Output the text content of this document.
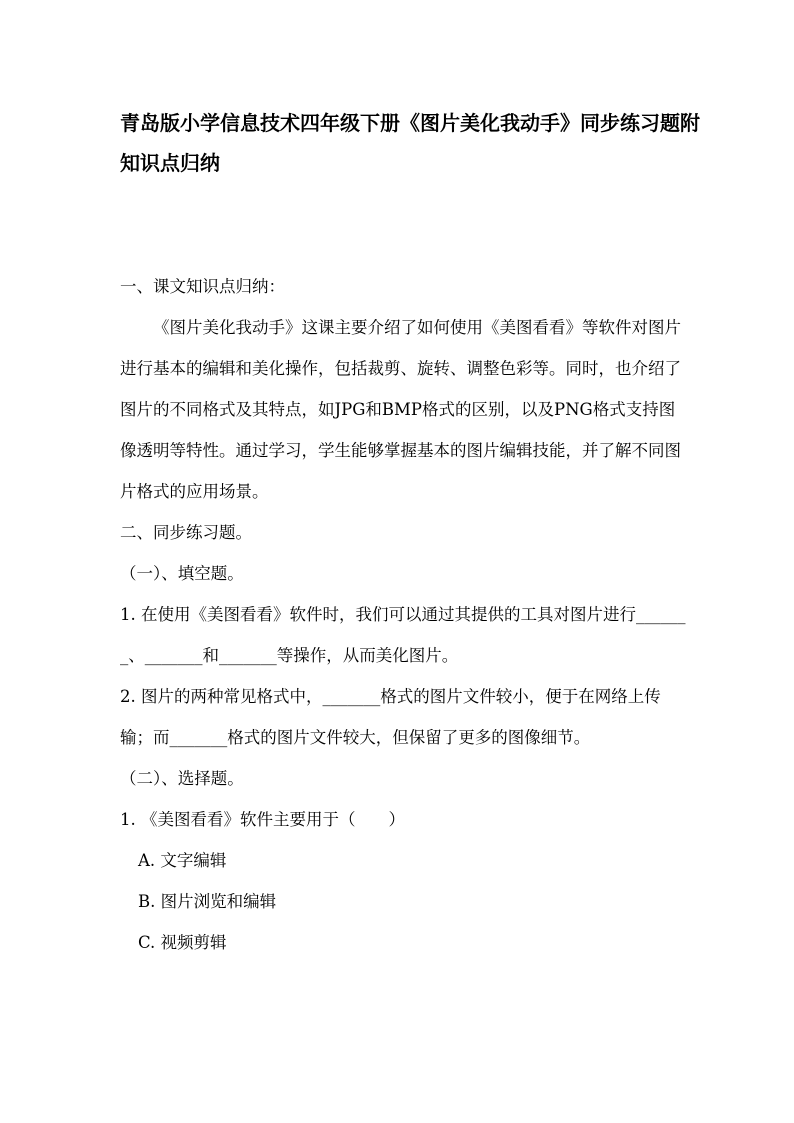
青岛版小学信息技术四年级下册《图片美化我动手》同步练习题附知识点归纳

一、课文知识点归纳：

《图片美化我动手》这课主要介绍了如何使用《美图看看》等软件对图片进行基本的编辑和美化操作，包括裁剪、旋转、调整色彩等。同时，也介绍了图片的不同格式及其特点，如JPG和BMP格式的区别，以及PNG格式支持图像透明等特性。通过学习，学生能够掌握基本的图片编辑技能，并了解不同图片格式的应用场景。

二、同步练习题。

（一）、填空题。

1. 在使用《美图看看》软件时，我们可以通过其提供的工具对图片进行_______、_______和_______等操作，从而美化图片。

2. 图片的两种常见格式中，_______格式的图片文件较小，便于在网络上传输；而_______格式的图片文件较大，但保留了更多的图像细节。

（二）、选择题。

1. 《美图看看》软件主要用于（　　）

A. 文字编辑

B. 图片浏览和编辑

C. 视频剪辑
